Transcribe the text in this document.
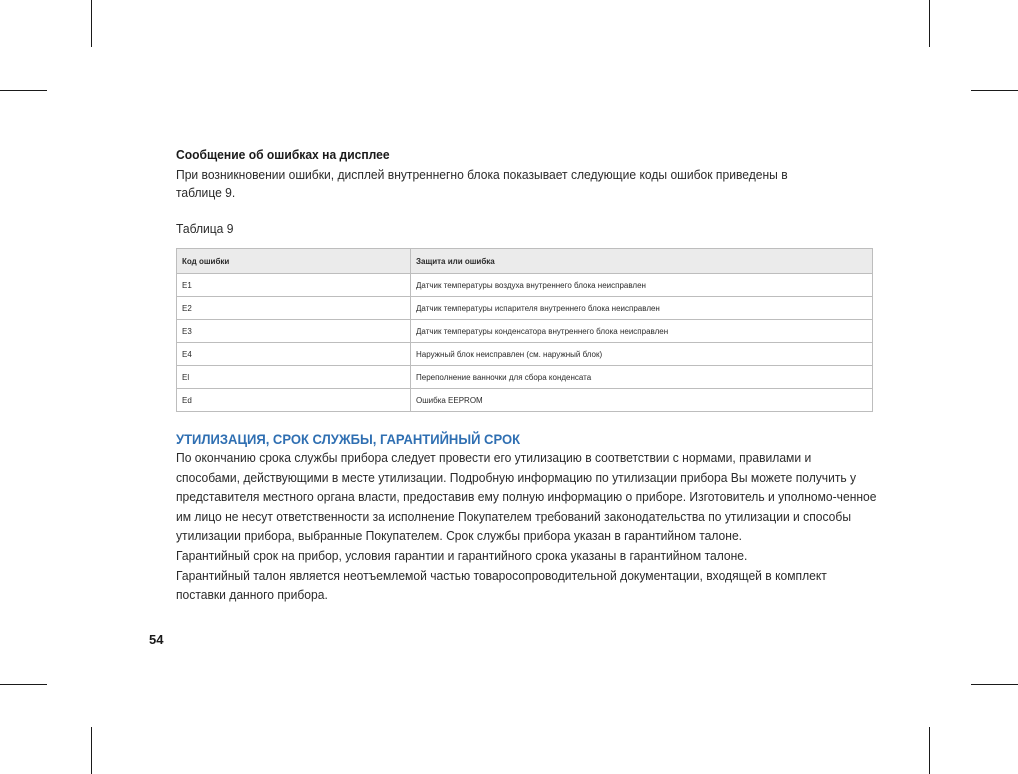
Сообщение об ошибках на дисплее

При возникновении ошибки, дисплей внутреннегно блока показывает следующие коды ошибок приведены в таблице 9.

Таблица 9
Код ошибки	Защита или ошибка
E1	Датчик температуры воздуха внутреннего блока неисправлен
E2	Датчик температуры испарителя внутреннего блока неисправлен
E3	Датчик температуры конденсатора внутреннего блока неисправлен
E4	Наружный блок неисправлен (см. наружный блок)
El	Переполнение ванночки для сбора конденсата
Ed	Ошибка EEPROM
УТИЛИЗАЦИЯ, СРОК СЛУЖБЫ, ГАРАНТИЙНЫЙ СРОК

По окончанию срока службы прибора следует провести его утилизацию в соответствии с нормами, правилами и способами, действующими в месте утилизации. Подробную информацию по утилизации прибора Вы можете получить у представителя местного органа власти, предоставив ему полную информацию о приборе. Изготовитель и уполномо-ченное им лицо не несут ответственности за исполнение Покупателем требований законодательства по утилизации и способы утилизации прибора, выбранные Покупателем. Срок службы прибора указан в гарантийном талоне.

Гарантийный срок на прибор, условия гарантии и гарантийного срока указаны в гарантийном талоне.

Гарантийный талон является неотъемлемой частью товаросопроводительной документации, входящей в комплект поставки данного прибора.

54
